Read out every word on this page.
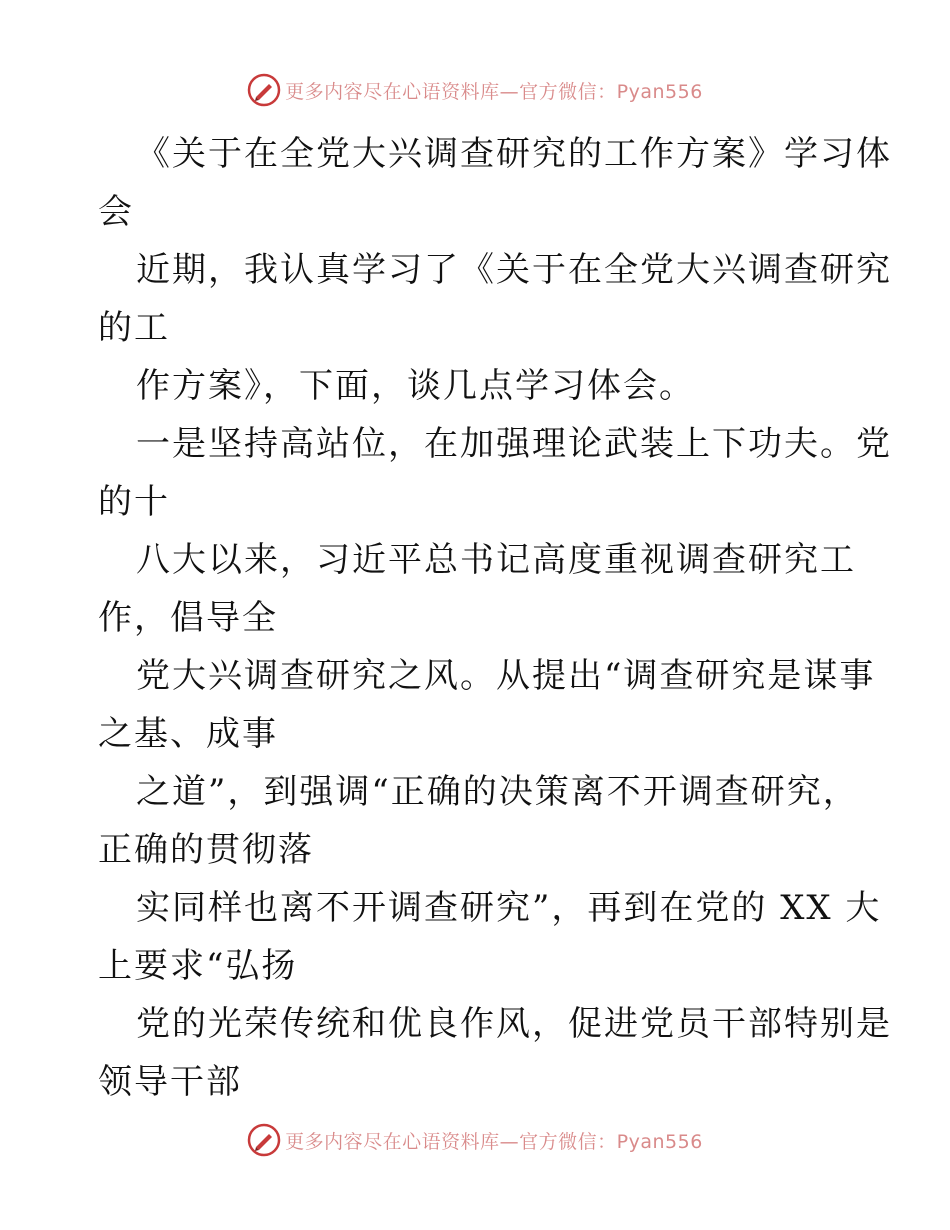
更多内容尽在心语资料库—官方微信：Pyan556
《关于在全党大兴调查研究的工作方案》学习体
会
近期，我认真学习了《关于在全党大兴调查研究
的工
作方案》，下面，谈几点学习体会。
一是坚持高站位，在加强理论武装上下功夫。党
的十
八大以来，习近平总书记高度重视调查研究工
作，倡导全
党大兴调查研究之风。从提出“调查研究是谋事
之基、成事
之道”，到强调“正确的决策离不开调查研究，
正确的贯彻落
实同样也离不开调查研究”，再到在党的 XX 大
上要求“弘扬
党的光荣传统和优良作风，促进党员干部特别是
领导干部
更多内容尽在心语资料库—官方微信：Pyan556
